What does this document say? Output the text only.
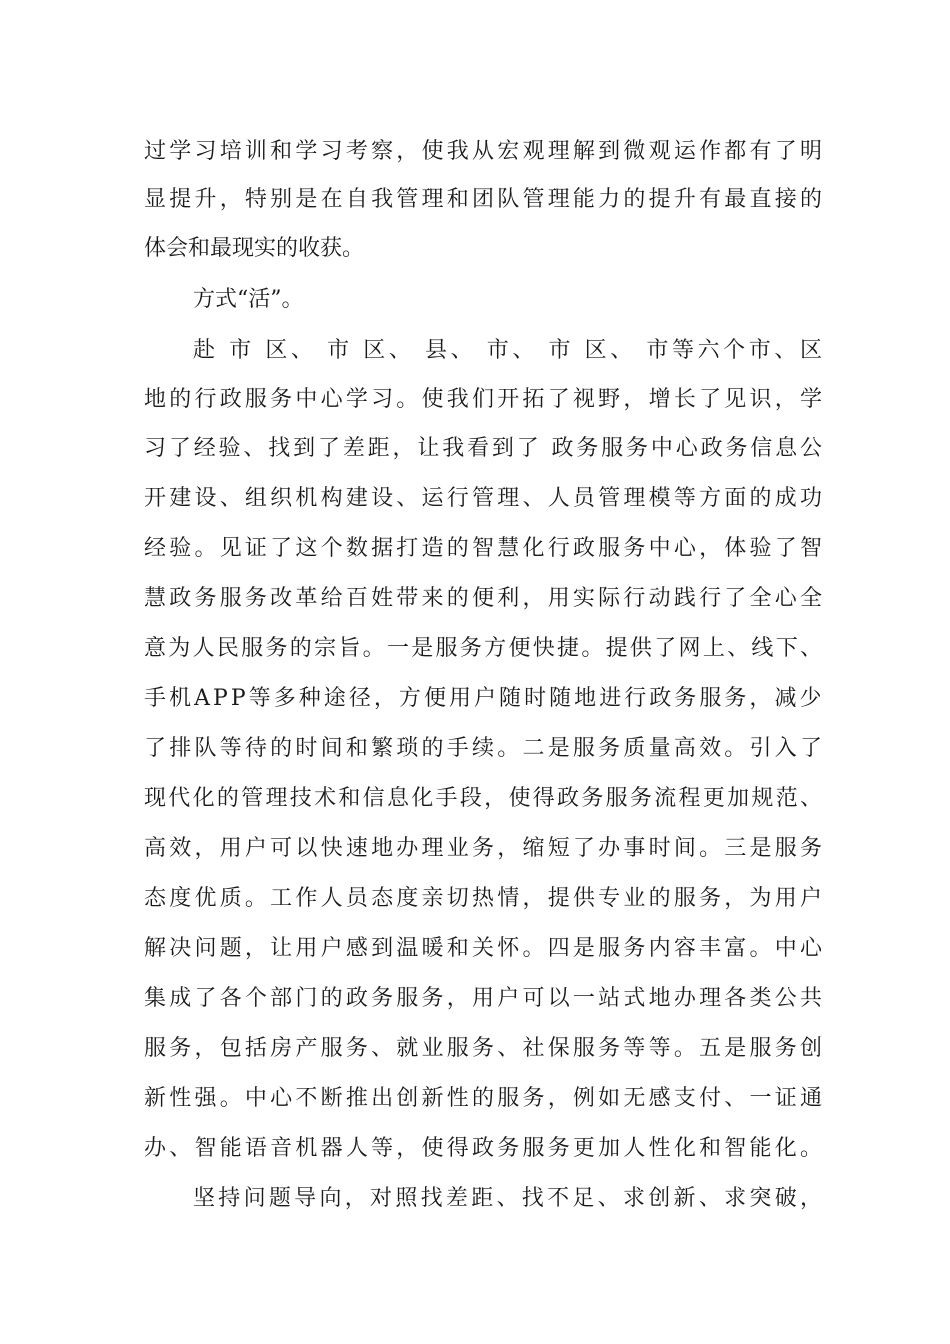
过学习培训和学习考察，使我从宏观理解到微观运作都有了明
显提升，特别是在自我管理和团队管理能力的提升有最直接的
体会和最现实的收获。
方式“活”。
赴 市 区、 市 区、 县、 市、 市 区、 市等六个市、区
地的行政服务中心学习。使我们开拓了视野，增长了见识，学
习了经验、找到了差距，让我看到了 政务服务中心政务信息公
开建设、组织机构建设、运行管理、人员管理模等方面的成功
经验。见证了这个数据打造的智慧化行政服务中心，体验了智
慧政务服务改革给百姓带来的便利，用实际行动践行了全心全
意为人民服务的宗旨。一是服务方便快捷。提供了网上、线下、
手机APP等多种途径，方便用户随时随地进行政务服务，减少
了排队等待的时间和繁琐的手续。二是服务质量高效。引入了
现代化的管理技术和信息化手段，使得政务服务流程更加规范、
高效，用户可以快速地办理业务，缩短了办事时间。三是服务
态度优质。工作人员态度亲切热情，提供专业的服务，为用户
解决问题，让用户感到温暖和关怀。四是服务内容丰富。中心
集成了各个部门的政务服务，用户可以一站式地办理各类公共
服务，包括房产服务、就业服务、社保服务等等。五是服务创
新性强。中心不断推出创新性的服务，例如无感支付、一证通
办、智能语音机器人等，使得政务服务更加人性化和智能化。
坚持问题导向，对照找差距、找不足、求创新、求突破，
